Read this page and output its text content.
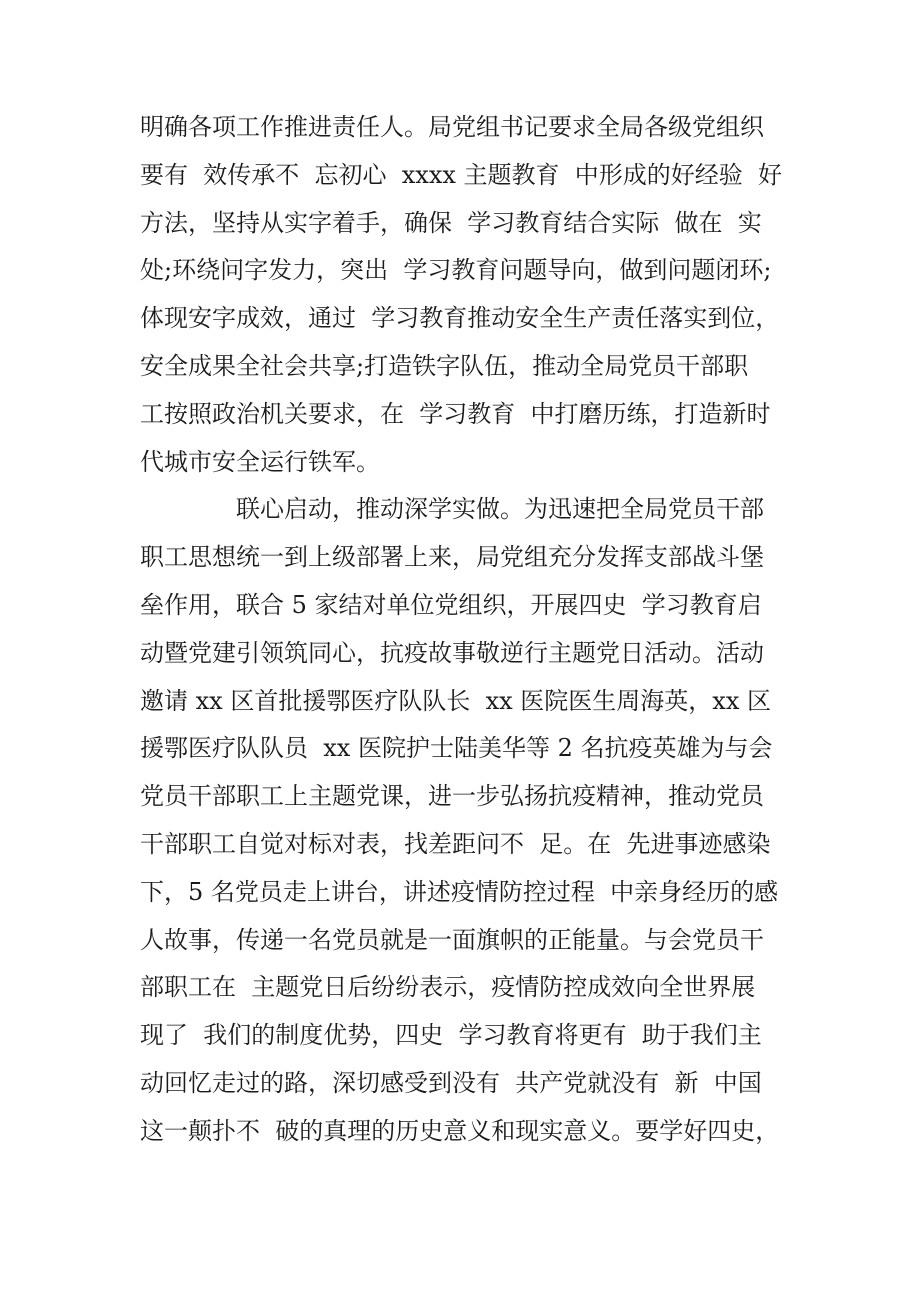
明确各项工作推进责任人。局党组书记要求全局各级党组织
要有  效传承不  忘初心  xxxx 主题教育  中形成的好经验  好
方法，坚持从实字着手，确保  学习教育结合实际  做在  实
处;环绕问字发力，突出  学习教育问题导向，做到问题闭环;
体现安字成效，通过  学习教育推动安全生产责任落实到位，
安全成果全社会共享;打造铁字队伍，推动全局党员干部职
工按照政治机关要求，在  学习教育  中打磨历练，打造新时
代城市安全运行铁军。
联心启动，推动深学实做。为迅速把全局党员干部
职工思想统一到上级部署上来，局党组充分发挥支部战斗堡
垒作用，联合 5 家结对单位党组织，开展四史  学习教育启
动暨党建引领筑同心，抗疫故事敬逆行主题党日活动。活动
邀请 xx 区首批援鄂医疗队队长  xx 医院医生周海英，xx 区
援鄂医疗队队员  xx 医院护士陆美华等 2 名抗疫英雄为与会
党员干部职工上主题党课，进一步弘扬抗疫精神，推动党员
干部职工自觉对标对表，找差距问不  足。在  先进事迹感染
下，5 名党员走上讲台，讲述疫情防控过程  中亲身经历的感
人故事，传递一名党员就是一面旗帜的正能量。与会党员干
部职工在  主题党日后纷纷表示，疫情防控成效向全世界展
现了  我们的制度优势，四史  学习教育将更有  助于我们主
动回忆走过的路，深切感受到没有  共产党就没有  新  中国
这一颠扑不  破的真理的历史意义和现实意义。要学好四史，
